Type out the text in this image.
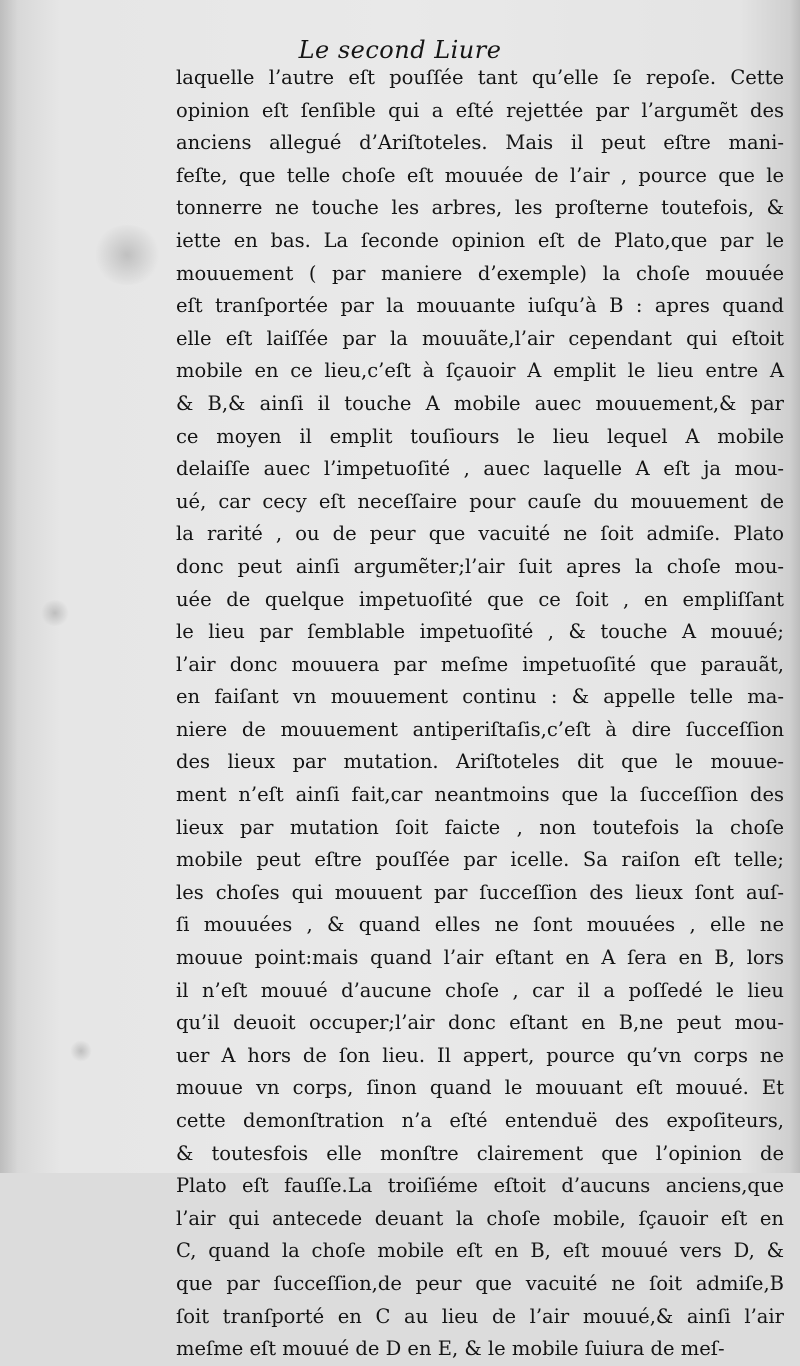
Le second Liure
laquelle l’autre eſt pouſſée tant qu’elle ſe repoſe. Cette
opinion eſt ſenſible qui a eſté rejettée par l’argumẽt des
anciens allegué d’Ariſtoteles. Mais il peut eſtre mani-
feſte, que telle choſe eſt mouuée de l’air , pource que le
tonnerre ne touche les arbres, les proſterne toutefois, &
iette en bas. La ſeconde opinion eſt de Plato,que par le
mouuement ( par maniere d’exemple) la choſe mouuée
eſt tranſportée par la mouuante iuſqu’à B : apres quand
elle eſt laiſſée par la mouuãte,l’air cependant qui eſtoit
mobile en ce lieu,c’eſt à ſçauoir A emplit le lieu entre A
& B,& ainſi il touche A mobile auec mouuement,& par
ce moyen il emplit touſiours le lieu lequel A mobile
delaiſſe auec l’impetuoſité , auec laquelle A eſt ja mou-
ué, car cecy eſt neceſſaire pour cauſe du mouuement de
la rarité , ou de peur que vacuité ne ſoit admiſe. Plato
donc peut ainſi argumẽter;l’air ſuit apres la choſe mou-
uée de quelque impetuoſité que ce ſoit , en empliſſant
le lieu par ſemblable impetuoſité , & touche A mouué;
l’air donc mouuera par meſme impetuoſité que parauãt,
en faiſant vn mouuement continu : & appelle telle ma-
niere de mouuement antiperiſtaſis,c’eſt à dire ſucceſſion
des lieux par mutation. Ariſtoteles dit que le mouue-
ment n’eſt ainſi fait,car neantmoins que la ſucceſſion des
lieux par mutation ſoit faicte , non toutefois la choſe
mobile peut eſtre pouſſée par icelle. Sa raiſon eſt telle;
les choſes qui mouuent par ſucceſſion des lieux ſont auſ-
ſi mouuées , & quand elles ne ſont mouuées , elle ne
mouue point:mais quand l’air eſtant en A ſera en B, lors
il n’eſt mouué d’aucune choſe , car il a poſſedé le lieu
qu’il deuoit occuper;l’air donc eſtant en B,ne peut mou-
uer A hors de ſon lieu. Il appert, pource qu’vn corps ne
mouue vn corps, ſinon quand le mouuant eſt mouué. Et
cette demonſtration n’a eſté entenduë des expoſiteurs,
& toutesfois elle monſtre clairement que l’opinion de
Plato eſt fauſſe.La troiſiéme eſtoit d’aucuns anciens,que
l’air qui antecede deuant la choſe mobile, ſçauoir eſt en
C, quand la choſe mobile eſt en B, eſt mouué vers D, &
que par ſucceſſion,de peur que vacuité ne ſoit admiſe,B
ſoit tranſporté en C au lieu de l’air mouué,& ainſi l’air
meſme eſt mouué de D en E, & le mobile ſuiura de meſ-
